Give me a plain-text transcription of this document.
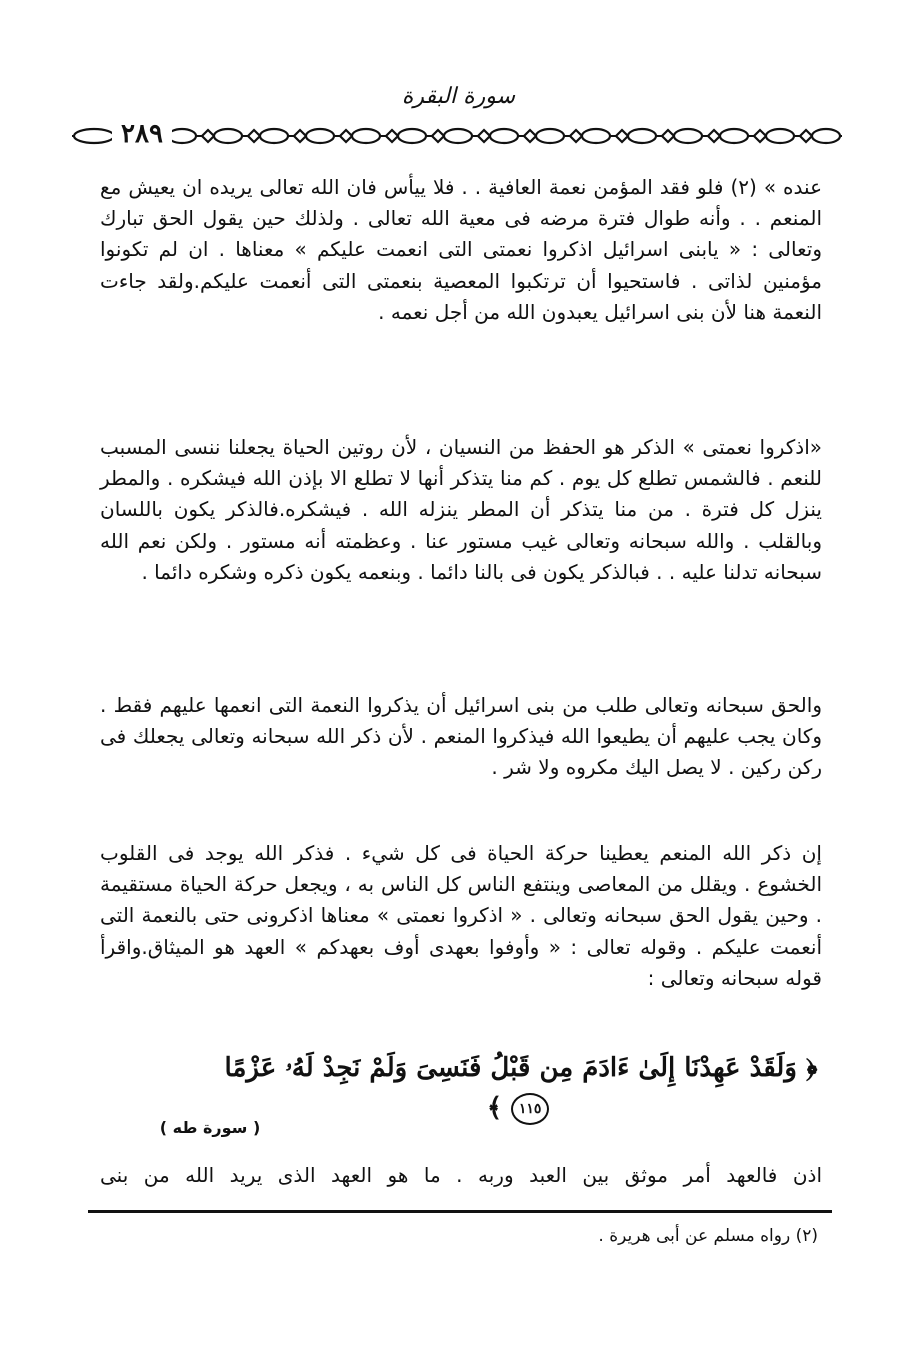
سورة البقرة
٢٨٩

عنده » (٢) فلو فقد المؤمن نعمة العافية . . فلا ييأس فان الله تعالى يريده ان يعيش مع المنعم . . وأنه طوال فترة مرضه فى معية الله تعالى . ولذلك حين يقول الحق تبارك وتعالى : « يابنى اسرائيل اذكروا نعمتى التى انعمت عليكم » معناها . ان لم تكونوا مؤمنين لذاتى . فاستحيوا أن ترتكبوا المعصية بنعمتى التى أنعمت عليكم.ولقد جاءت النعمة هنا لأن بنى اسرائيل يعبدون الله من أجل نعمه .

«اذكروا نعمتى » الذكر هو الحفظ من النسيان ، لأن روتين الحياة يجعلنا ننسى المسبب للنعم . فالشمس تطلع كل يوم . كم منا يتذكر أنها لا تطلع الا بإذن الله فيشكره . والمطر ينزل كل فترة . من منا يتذكر أن المطر ينزله الله . فيشكره.فالذكر يكون باللسان وبالقلب . والله سبحانه وتعالى غيب مستور عنا . وعظمته أنه مستور . ولكن نعم الله سبحانه تدلنا عليه . . فبالذكر يكون فى بالنا دائما . وبنعمه يكون ذكره وشكره دائما .

والحق سبحانه وتعالى طلب من بنى اسرائيل أن يذكروا النعمة التى انعمها عليهم فقط . وكان يجب عليهم أن يطيعوا الله فيذكروا المنعم . لأن ذكر الله سبحانه وتعالى يجعلك فى ركن ركين . لا يصل اليك مكروه ولا شر .

إن ذكر الله المنعم يعطينا حركة الحياة فى كل شيء . فذكر الله يوجد فى القلوب الخشوع . ويقلل من المعاصى وينتفع الناس كل الناس به ، ويجعل حركة الحياة مستقيمة . وحين يقول الحق سبحانه وتعالى . « اذكروا نعمتى » معناها اذكرونى حتى بالنعمة التى أنعمت عليكم . وقوله تعالى : « وأوفوا بعهدى أوف بعهدكم » العهد هو الميثاق.واقرأ قوله سبحانه وتعالى :

﴿ وَلَقَدْ عَهِدْنَا إِلَىٰ ءَادَمَ مِن قَبْلُ فَنَسِىَ وَلَمْ نَجِدْ لَهُۥ عَزْمًا ١١٥ ﴾
( سورة طه )
اذن فالعهد أمر موثق بين العبد وربه . ما هو العهد الذى يريد الله من بنى
(٢) رواه مسلم عن أبى هريرة .
